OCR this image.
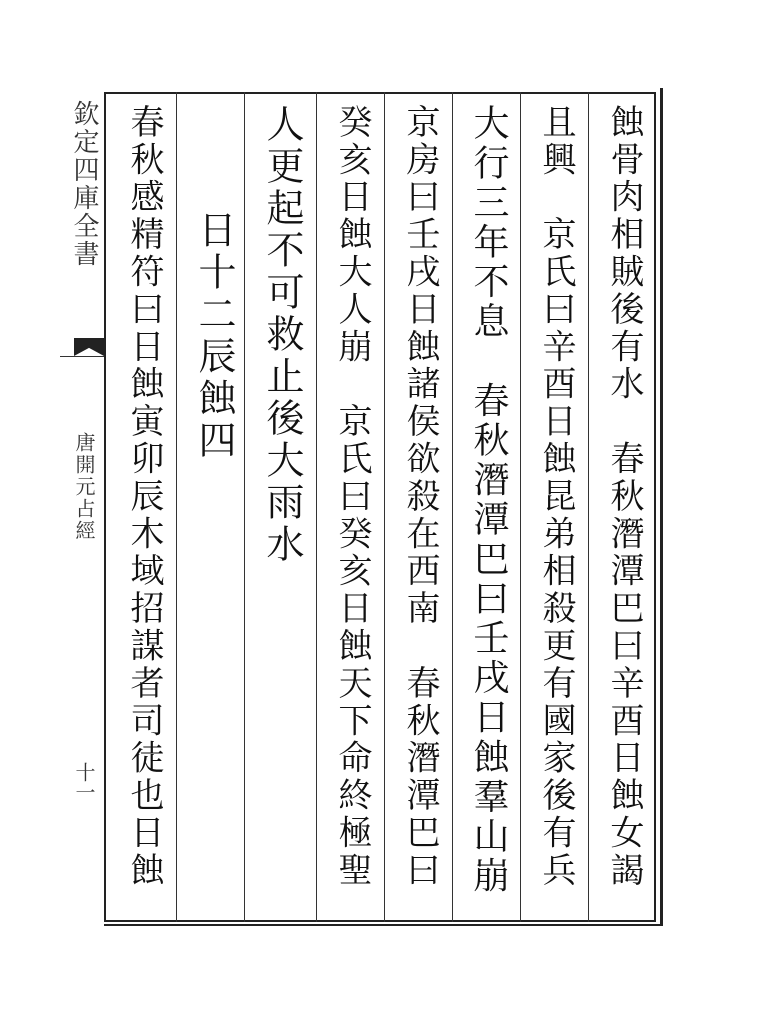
欽定四庫全書
唐開元占經
十一	蝕骨肉相賊後有水　春秋潛潭巴曰辛酉日蝕女謁
且興　京氏曰辛酉日蝕昆弟相殺更有國家後有兵
大行三年不息　春秋潛潭巴曰壬戌日蝕羣山崩
京房曰壬戌日蝕諸侯欲殺在西南　春秋潛潭巴曰
癸亥日蝕大人崩　京氏曰癸亥日蝕天下命終極聖
人更起不可救止後大雨水
日十二辰蝕四
春秋感精符曰日蝕寅卯辰木域招謀者司徒也日蝕
